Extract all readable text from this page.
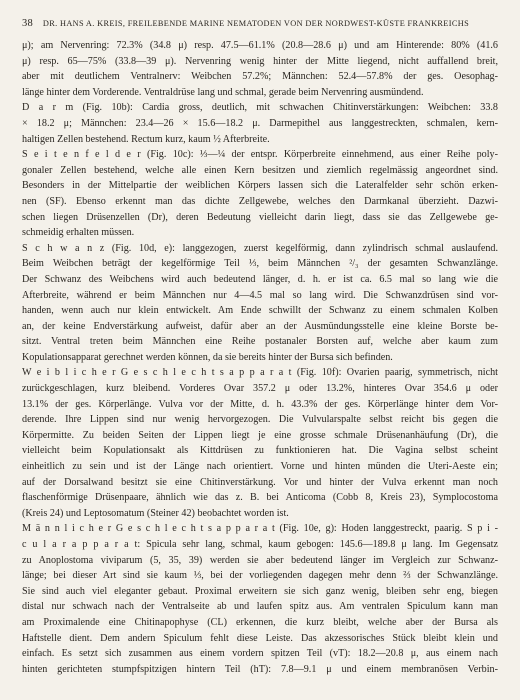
38 DR. HANS A. KREIS, FREILEBENDE MARINE NEMATODEN VON DER NORDWEST-KÜSTE FRANKREICHS
μ); am Nervenring: 72.3% (34.8 μ) resp. 47.5—61.1% (20.8—28.6 μ) und am Hinterende: 80% (41.6
μ) resp. 65—75% (33.8—39 μ). Nervenring wenig hinter der Mitte liegend, nicht auffallend breit,
aber mit deutlichem Ventralnerv: Weibchen 57.2%; Männchen: 52.4—57.8% der ges. Oesophag-
länge hinter dem Vorderende. Ventraldrüse lang und schmal, gerade beim Nervenring ausmündend.
D a r m (Fig. 10b): Cardia gross, deutlich, mit schwachen Chitinverstärkungen: Weibchen: 33.8
× 18.2 μ; Männchen: 23.4—26 × 15.6—18.2 μ. Darmepithel aus langgestreckten, schmalen, kern-
haltigen Zellen bestehend. Rectum kurz, kaum ½ Afterbreite.
S e i t e n f e l d e r (Fig. 10c): ⅓—¼ der entspr. Körperbreite einnehmend, aus einer Reihe poly-
gonaler Zellen bestehend, welche alle einen Kern besitzen und ziemlich regelmässig angeordnet sind.
Besonders in der Mittelpartie der weiblichen Körpers lassen sich die Lateralfelder sehr schön erken-
nen (SF). Ebenso erkennt man das dichte Zellgewebe, welches den Darmkanal überzieht. Dazwi-
schen liegen Drüsenzellen (Dr), deren Bedeutung vielleicht darin liegt, dass sie das Zellgewebe ge-
schmeidig erhalten müssen.
S c h w a n z (Fig. 10d, e): langgezogen, zuerst kegelförmig, dann zylindrisch schmal auslaufend.
Beim Weibchen beträgt der kegelförmige Teil ⅓, beim Männchen ²/₃ der gesamten Schwanzlänge.
Der Schwanz des Weibchens wird auch bedeutend länger, d. h. er ist ca. 6.5 mal so lang wie die
Afterbreite, während er beim Männchen nur 4—4.5 mal so lang wird. Die Schwanzdrüsen sind vor-
handen, wenn auch nur klein entwickelt. Am Ende schwillt der Schwanz zu einem schmalen Kolben
an, der keine Endverstärkung aufweist, dafür aber an der Ausmündungsstelle eine kleine Borste be-
sitzt. Ventral treten beim Männchen eine Reihe postanaler Borsten auf, welche aber kaum zum
Kopulationsapparat gerechnet werden können, da sie bereits hinter der Bursa sich befinden.
W e i b l i c h e r G e s c h l e c h t s a p p a r a t (Fig. 10f): Ovarien paarig, symmetrisch, nicht
zurückgeschlagen, kurz bleibend. Vorderes Ovar 357.2 μ oder 13.2%, hinteres Ovar 354.6 μ oder
13.1% der ges. Körperlänge. Vulva vor der Mitte, d. h. 43.3% der ges. Körperlänge hinter dem Vor-
derende. Ihre Lippen sind nur wenig hervorgezogen. Die Vulvularspalte selbst reicht bis gegen die
Körpermitte. Zu beiden Seiten der Lippen liegt je eine grosse schmale Drüsenanhäufung (Dr), die
vielleicht beim Kopulationsakt als Kittdrüsen zu funktionieren hat. Die Vagina selbst scheint
einheitlich zu sein und ist der Länge nach orientiert. Vorne und hinten münden die Uteri-Aeste ein;
auf der Dorsalwand besitzt sie eine Chitinverstärkung. Vor und hinter der Vulva erkennt man noch
flaschenförmige Drüsenpaare, ähnlich wie das z. B. bei Anticoma (Cobb 8, Kreis 23), Symplocostoma
(Kreis 24) und Leptosomatum (Steiner 42) beobachtet worden ist.
M ä n n l i c h e r G e s c h l e c h t s a p p a r a t (Fig. 10e, g): Hoden langgestreckt, paarig. S p i -
c u l a r a p p a r a t: Spicula sehr lang, schmal, kaum gebogen: 145.6—189.8 μ lang. Im Gegensatz
zu Anoplostoma viviparum (5, 35, 39) werden sie aber bedeutend länger im Vergleich zur Schwanz-
länge; bei dieser Art sind sie kaum ⅓, bei der vorliegenden dagegen mehr denn ⅔ der Schwanzlänge.
Sie sind auch viel eleganter gebaut. Proximal erweitern sie sich ganz wenig, bleiben sehr eng, biegen
distal nur schwach nach der Ventralseite ab und laufen spitz aus. Am ventralen Spiculum kann man
am Proximalende eine Chitinapophyse (CL) erkennen, die kurz bleibt, welche aber der Bursa als
Haftstelle dient. Dem andern Spiculum fehlt diese Leiste. Das akzessorisches Stück bleibt klein und
einfach. Es setzt sich zusammen aus einem vordern spitzen Teil (vT): 18.2—20.8 μ, aus einem nach
hinten gerichteten stumpfspitzigen hintern Teil (hT): 7.8—9.1 μ und einem membranösen Verbin-
